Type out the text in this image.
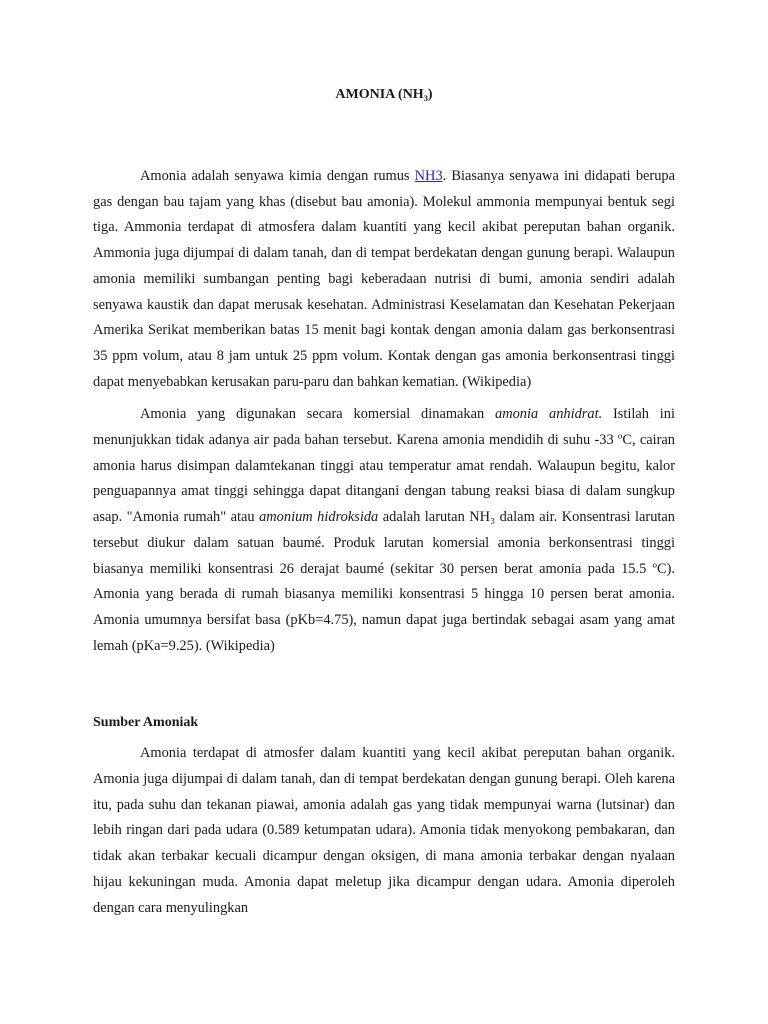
AMONIA (NH₃)

Amonia adalah senyawa kimia dengan rumus NH3. Biasanya senyawa ini didapati berupa gas dengan bau tajam yang khas (disebut bau amonia). Molekul ammonia mempunyai bentuk segi tiga. Ammonia terdapat di atmosfera dalam kuantiti yang kecil akibat pereputan bahan organik. Ammonia juga dijumpai di dalam tanah, dan di tempat berdekatan dengan gunung berapi. Walaupun amonia memiliki sumbangan penting bagi keberadaan nutrisi di bumi, amonia sendiri adalah senyawa kaustik dan dapat merusak kesehatan. Administrasi Keselamatan dan Kesehatan Pekerjaan Amerika Serikat memberikan batas 15 menit bagi kontak dengan amonia dalam gas berkonsentrasi 35 ppm volum, atau 8 jam untuk 25 ppm volum. Kontak dengan gas amonia berkonsentrasi tinggi dapat menyebabkan kerusakan paru-paru dan bahkan kematian. (Wikipedia)

Amonia yang digunakan secara komersial dinamakan amonia anhidrat. Istilah ini menunjukkan tidak adanya air pada bahan tersebut. Karena amonia mendidih di suhu -33 ºC, cairan amonia harus disimpan dalamtekanan tinggi atau temperatur amat rendah. Walaupun begitu, kalor penguapannya amat tinggi sehingga dapat ditangani dengan tabung reaksi biasa di dalam sungkup asap. "Amonia rumah" atau amonium hidroksida adalah larutan NH₃ dalam air. Konsentrasi larutan tersebut diukur dalam satuan baumé. Produk larutan komersial amonia berkonsentrasi tinggi biasanya memiliki konsentrasi 26 derajat baumé (sekitar 30 persen berat amonia pada 15.5 ºC). Amonia yang berada di rumah biasanya memiliki konsentrasi 5 hingga 10 persen berat amonia. Amonia umumnya bersifat basa (pKb=4.75), namun dapat juga bertindak sebagai asam yang amat lemah (pKa=9.25). (Wikipedia)

Sumber Amoniak

Amonia terdapat di atmosfer dalam kuantiti yang kecil akibat pereputan bahan organik. Amonia juga dijumpai di dalam tanah, dan di tempat berdekatan dengan gunung berapi. Oleh karena itu, pada suhu dan tekanan piawai, amonia adalah gas yang tidak mempunyai warna (lutsinar) dan lebih ringan dari pada udara (0.589 ketumpatan udara). Amonia tidak menyokong pembakaran, dan tidak akan terbakar kecuali dicampur dengan oksigen, di mana amonia terbakar dengan nyalaan hijau kekuningan muda. Amonia dapat meletup jika dicampur dengan udara. Amonia diperoleh dengan cara menyulingkan
